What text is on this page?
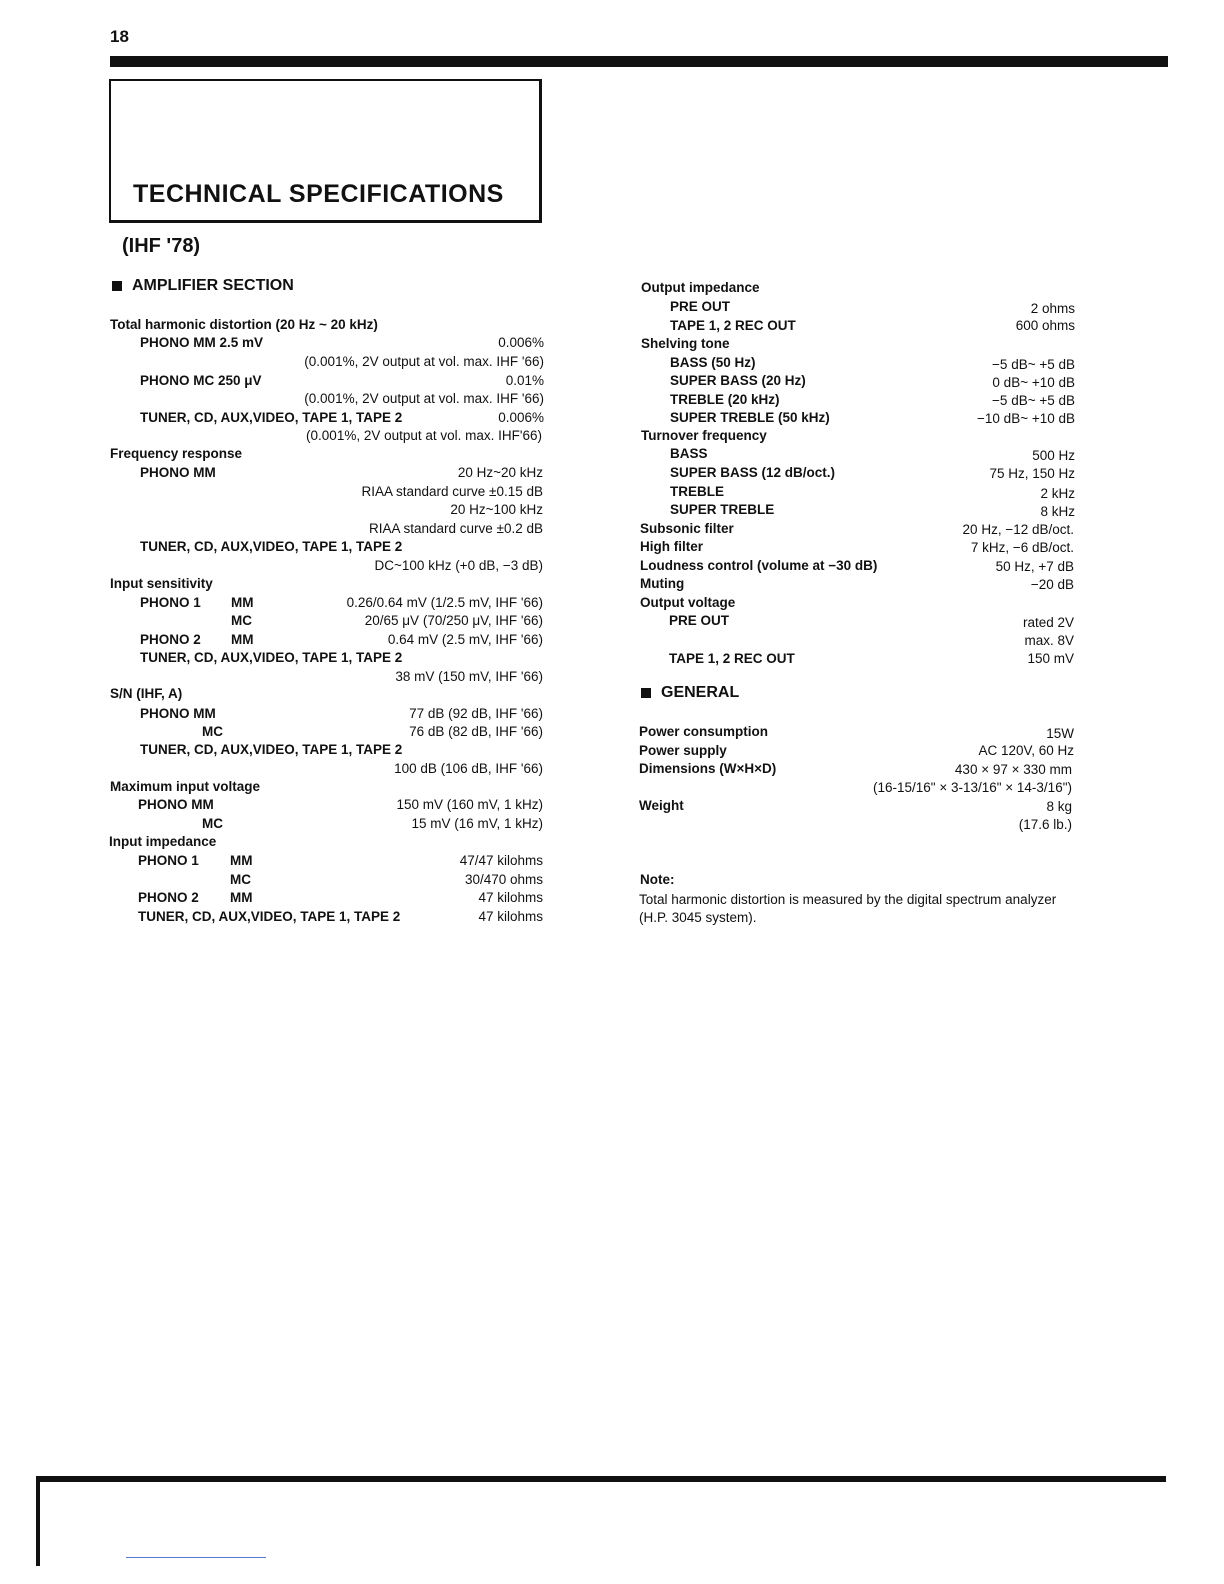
18
TECHNICAL SPECIFICATIONS
(IHF '78)
AMPLIFIER SECTION
Total harmonic distortion (20 Hz ~ 20 kHz)
PHONO MM 2.5 mV	0.006%
(0.001%, 2V output at vol. max. IHF '66)
PHONO MC 250 μV	0.01%
(0.001%, 2V output at vol. max. IHF '66)
TUNER, CD, AUX,VIDEO, TAPE 1, TAPE 2	0.006%
(0.001%, 2V output at vol. max. IHF'66)
Frequency response
PHONO MM	20 Hz~20 kHz
RIAA standard curve ±0.15 dB
20 Hz~100 kHz
RIAA standard curve ±0.2 dB
TUNER, CD, AUX,VIDEO, TAPE 1, TAPE 2
DC~100 kHz (+0 dB, −3 dB)
Input sensitivity
PHONO 1 MM	0.26/0.64 mV (1/2.5 mV, IHF '66)
MC	20/65 μV (70/250 μV, IHF '66)
PHONO 2 MM	0.64 mV (2.5 mV, IHF '66)
TUNER, CD, AUX,VIDEO, TAPE 1, TAPE 2
38 mV (150 mV, IHF '66)
S/N (IHF, A)
PHONO MM	77 dB (92 dB, IHF '66)
MC	76 dB (82 dB, IHF '66)
TUNER, CD, AUX,VIDEO, TAPE 1, TAPE 2
100 dB (106 dB, IHF '66)
Maximum input voltage
PHONO MM	150 mV (160 mV, 1 kHz)
MC	15 mV (16 mV, 1 kHz)
Input impedance
PHONO 1 MM	47/47 kilohms
MC	30/470 ohms
PHONO 2 MM	47 kilohms
TUNER, CD, AUX,VIDEO, TAPE 1, TAPE 2	47 kilohms
Output impedance
PRE OUT	2 ohms
TAPE 1, 2 REC OUT	600 ohms
Shelving tone
BASS (50 Hz)	−5 dB~ +5 dB
SUPER BASS (20 Hz)	0 dB~ +10 dB
TREBLE (20 kHz)	−5 dB~ +5 dB
SUPER TREBLE (50 kHz)	−10 dB~ +10 dB
Turnover frequency
BASS	500 Hz
SUPER BASS (12 dB/oct.)	75 Hz, 150 Hz
TREBLE	2 kHz
SUPER TREBLE	8 kHz
Subsonic filter	20 Hz, −12 dB/oct.
High filter	7 kHz, −6 dB/oct.
Loudness control (volume at −30 dB)	50 Hz, +7 dB
Muting	−20 dB
Output voltage
PRE OUT	rated 2V
max. 8V
TAPE 1, 2 REC OUT	150 mV
GENERAL
Power consumption	15W
Power supply	AC 120V, 60 Hz
Dimensions (W×H×D)	430 × 97 × 330 mm
(16-15/16" × 3-13/16" × 14-3/16")
Weight	8 kg
(17.6 lb.)
Note:
Total harmonic distortion is measured by the digital spectrum analyzer (H.P. 3045 system).
